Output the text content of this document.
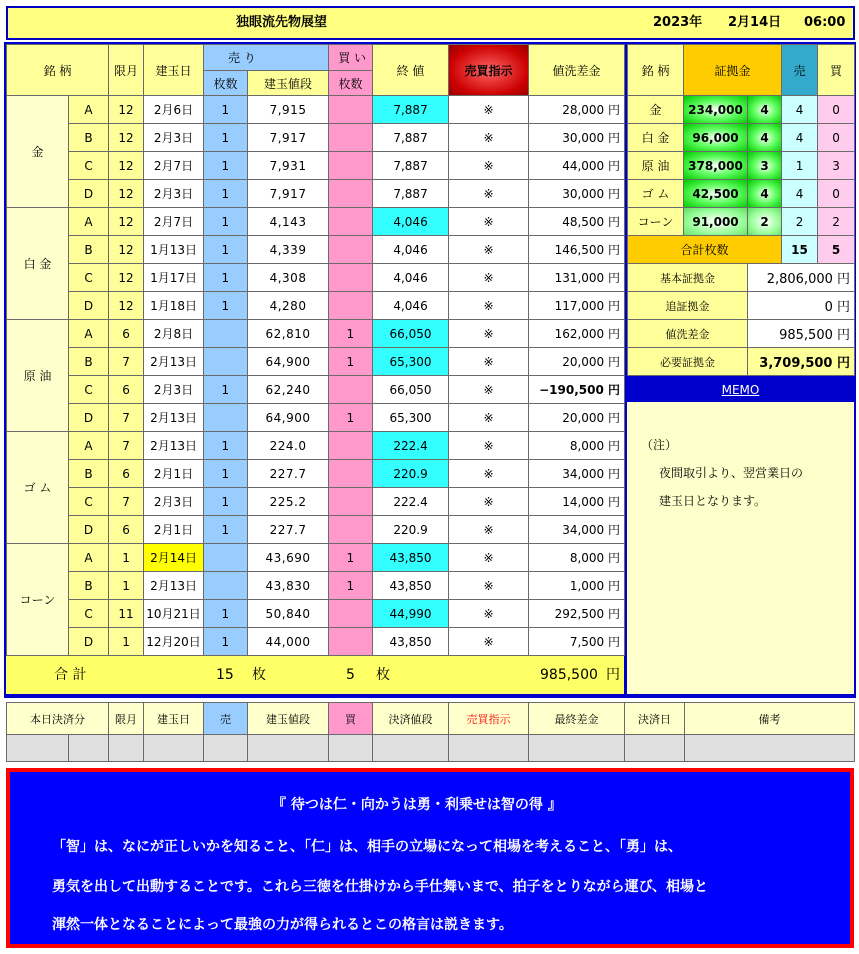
独眼流先物展望	2023年 2月14日 06:00
銘 柄		限月	建玉日	売 り		買 い	終 値	売買指示	値洗差金
				枚数	建玉値段	枚数			
金	A	12	2月6日	1	7,915		7,887	※	28,000 円
	B	12	2月3日	1	7,917		7,887	※	30,000 円
	C	12	2月7日	1	7,931		7,887	※	44,000 円
	D	12	2月3日	1	7,917		7,887	※	30,000 円
白 金	A	12	2月7日	1	4,143		4,046	※	48,500 円
	B	12	1月13日	1	4,339		4,046	※	146,500 円
	C	12	1月17日	1	4,308		4,046	※	131,000 円
	D	12	1月18日	1	4,280		4,046	※	117,000 円
原 油	A	6	2月8日		62,810	1	66,050	※	162,000 円
	B	7	2月13日		64,900	1	65,300	※	20,000 円
	C	6	2月3日	1	62,240		66,050	※	−190,500 円
	D	7	2月13日		64,900	1	65,300	※	20,000 円
ゴ ム	A	7	2月13日	1	224.0		222.4	※	8,000 円
	B	6	2月1日	1	227.7		220.9	※	34,000 円
	C	7	2月3日	1	225.2		222.4	※	14,000 円
	D	6	2月1日	1	227.7		220.9	※	34,000 円
コーン	A	1	2月14日		43,690	1	43,850	※	8,000 円
	B	1	2月13日		43,830	1	43,850	※	1,000 円
	C	11	10月21日	1	50,840		44,990	※	292,500 円
	D	1	12月20日	1	44,000		43,850	※	7,500 円
合 計	15 枚	5 枚	985,500 円
銘 柄	証拠金		売	買
金	234,000	4	4	0
白 金	96,000	4	4	0
原 油	378,000	3	1	3
ゴ ム	42,500	4	4	0
コーン	91,000	2	2	2
合計枚数			15	5
基本証拠金		2,806,000 円		
追証拠金		0 円		
値洗差金		985,500 円		
必要証拠金		3,709,500 円		
MEMO
（注）
夜間取引より、翌営業日の
建玉日となります。
本日決済分		限月	建玉日	売	建玉値段	買	決済値段	売買指示	最終差金	決済日	備考

『 待つは仁・向かうは勇・利乗せは智の得 』
「智」は、なにが正しいかを知ること、「仁」は、相手の立場になって相場を考えること、「勇」は、
勇気を出して出動することです。これら三徳を仕掛けから手仕舞いまで、拍子をとりながら運び、相場と
渾然一体となることによって最強の力が得られるとこの格言は説きます。
